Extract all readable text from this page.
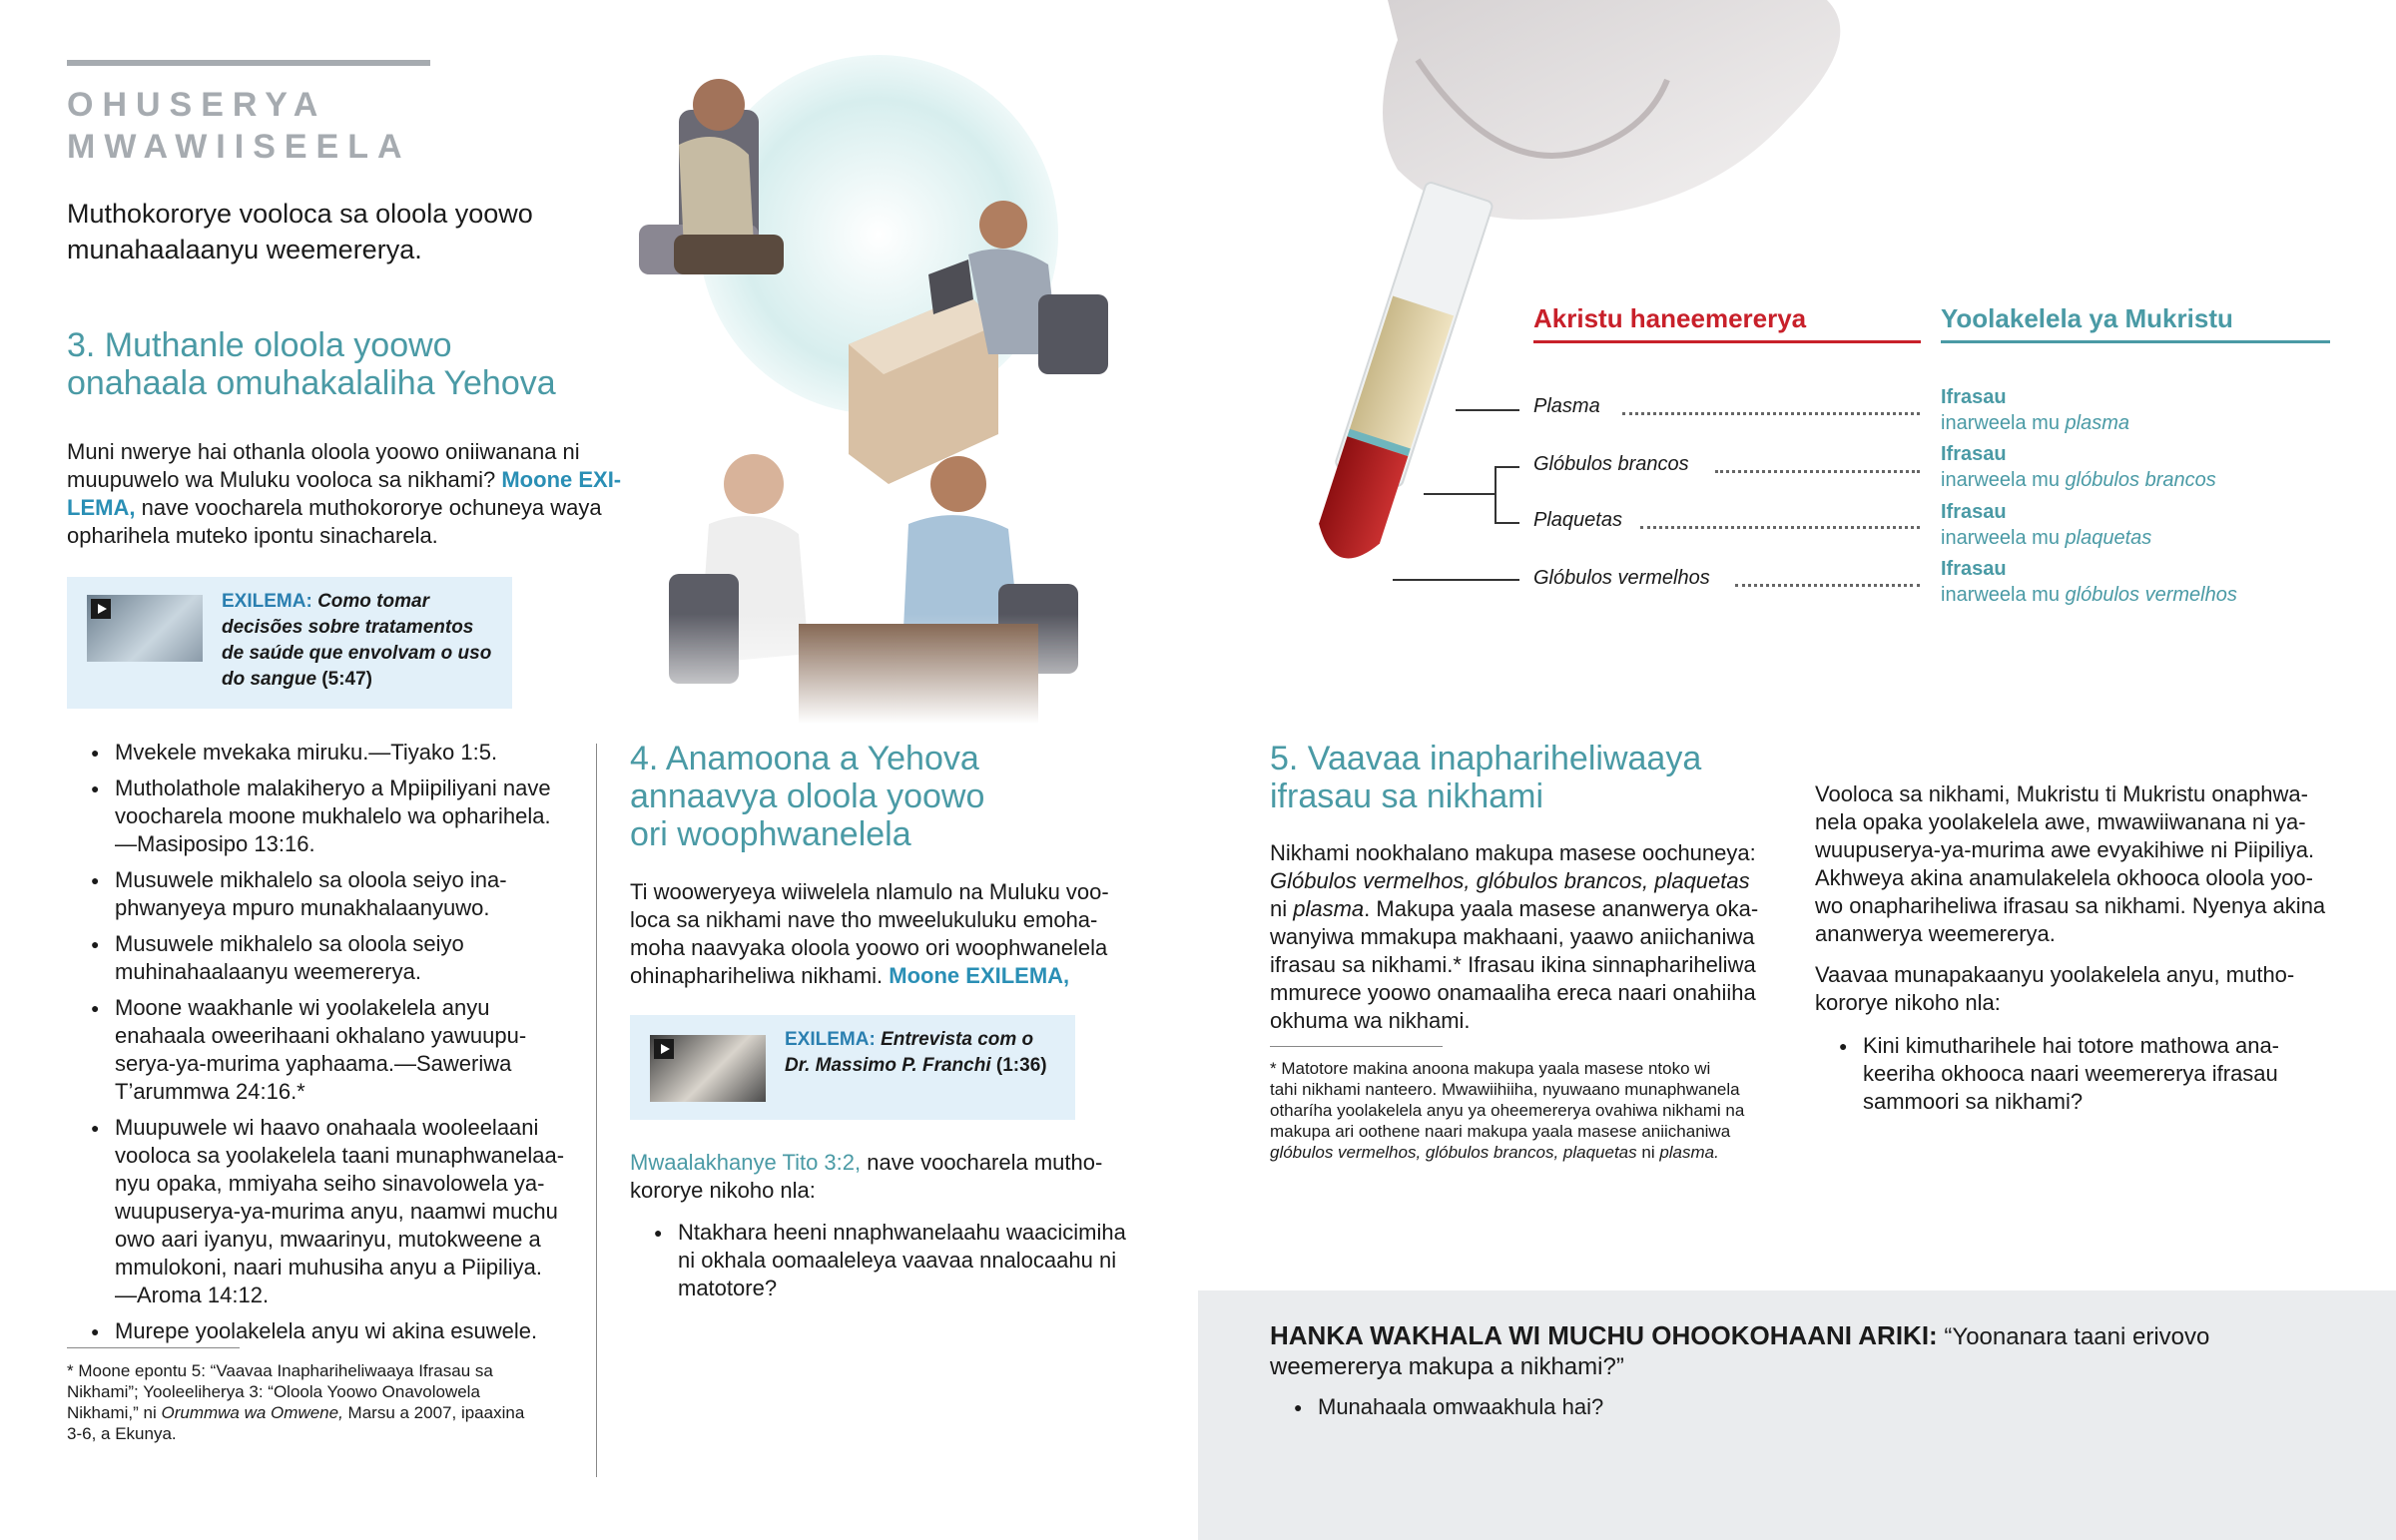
OHUSERYA
MWAWIISEELA
Muthokororye vooloca sa oloola yoowo
munahaalaanyu weemererya.
3. Muthanle oloola yoowo
onahaala omuhakalaliha Yehova
Muni nwerye hai othanla oloola yoowo oniiwanana ni
muupuwelo wa Muluku vooloca sa nikhami? Moone EXI-
LEMA, nave voocharela muthokororye ochuneya waya
opharihela muteko ipontu sinacharela.
EXILEMA: Como tomar
decisões sobre tratamentos
de saúde que envolvam o uso
do sangue (5:47)
● Mvekele mvekaka miruku.—Tiyako 1:5.
● Mutholathole malakiheryo a Mpiipiliyani nave
voocharela moone mukhalelo wa opharihela.
—Masiposipo 13:16.
● Musuwele mikhalelo sa oloola seiyo ina-
phwanyeya mpuro munakhalaanyuwo.
● Musuwele mikhalelo sa oloola seiyo
muhinahaalaanyu weemererya.
● Moone waakhanle wi yoolakelela anyu
enahaala oweerihaani okhalano yawuupu-
serya-ya-murima yaphaama.—Saweriwa
T’arummwa 24:16.*
● Muupuwele wi haavo onahaala wooleelaani
vooloca sa yoolakelela taani munaphwanelaa-
nyu opaka, mmiyaha seiho sinavolowela ya-
wuupuserya-ya-murima anyu, naamwi muchu
owo aari iyanyu, mwaarinyu, mutokweene a
mmulokoni, naari muhusiha anyu a Piipiliya.
—Aroma 14:12.
● Murepe yoolakelela anyu wi akina esuwele.
* Moone epontu 5: “Vaavaa Inaphariheliwaaya Ifrasau sa
Nikhami”; Yooleeliherya 3: “Oloola Yoowo Onavolowela
Nikhami,” ni Orummwa wa Omwene, Marsu a 2007, ipaaxina
3-6, a Ekunya.
4. Anamoona a Yehova
annaavya oloola yoowo
ori woophwanelela
Ti wooweryeya wiiwelela nlamulo na Muluku voo-
loca sa nikhami nave tho mweelukuluku emoha-
moha naavyaka oloola yoowo ori woophwanelela
ohinaphariheliwa nikhami. Moone EXILEMA,
EXILEMA: Entrevista com o
Dr. Massimo P. Franchi (1:36)
Mwaalakhanye Tito 3:2, nave voocharela mutho-
kororye nikoho nla:
● Ntakhara heeni nnaphwanelaahu waacicimiha
ni okhala oomaaleleya vaavaa nnalocaahu ni
matotore?
Akristu haneemererya	Yoolakelela ya Mukristu
Plasma
Glóbulos brancos
Plaquetas
Glóbulos vermelhos
Ifrasau
inarweela mu plasma
Ifrasau
inarweela mu glóbulos brancos
Ifrasau
inarweela mu plaquetas
Ifrasau
inarweela mu glóbulos vermelhos
5. Vaavaa inaphariheliwaaya
ifrasau sa nikhami
Nikhami nookhalano makupa masese oochuneya:
Glóbulos vermelhos, glóbulos brancos, plaquetas
ni plasma. Makupa yaala masese ananwerya oka-
wanyiwa mmakupa makhaani, yaawo aniichaniwa
ifrasau sa nikhami.* Ifrasau ikina sinnaphariheliwa
mmurece yoowo onamaaliha ereca naari onahiiha
okhuma wa nikhami.
* Matotore makina anoona makupa yaala masese ntoko wi
tahi nikhami nanteero. Mwawiihiiha, nyuwaano munaphwanela
otharíha yoolakelela anyu ya oheemererya ovahiwa nikhami na
makupa ari oothene naari makupa yaala masese aniichaniwa
glóbulos vermelhos, glóbulos brancos, plaquetas ni plasma.
Vooloca sa nikhami, Mukristu ti Mukristu onaphwa-
nela opaka yoolakelela awe, mwawiiwanana ni ya-
wuupuserya-ya-murima awe evyakihiwe ni Piipiliya.
Akhweya akina anamulakelela okhooca oloola yoo-
wo onaphariheliwa ifrasau sa nikhami. Nyenya akina
ananwerya weemererya.
Vaavaa munapakaanyu yoolakelela anyu, mutho-
kororye nikoho nla:
● Kini kimutharihele hai totore mathowa ana-
keeriha okhooca naari weemererya ifrasau
sammoori sa nikhami?
HANKA WAKHALA WI MUCHU OHOOKOHAANI ARIKI: “Yoonanara taani erivovo
weemererya makupa a nikhami?”
● Munahaala omwaakhula hai?
